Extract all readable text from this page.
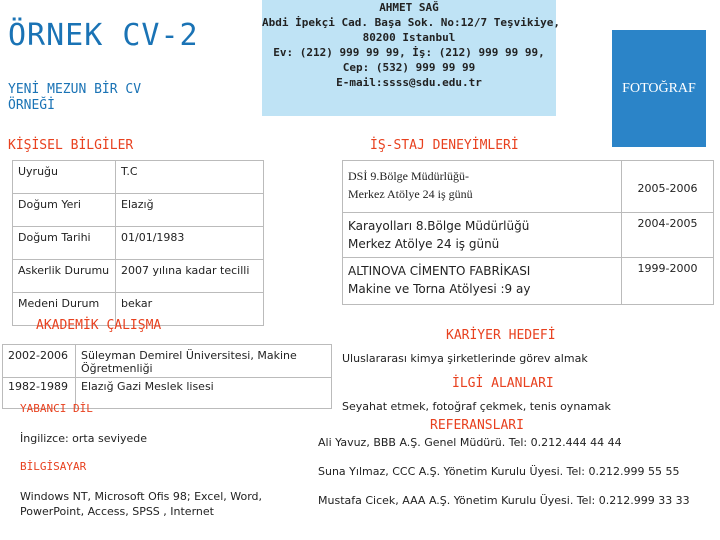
ÖRNEK CV-2
YENİ MEZUN BİR CV
ÖRNEĞİ
AHMET SAĞ
Abdi İpekçi Cad. Başa Sok. No:12/7 Teşvikiye,
80200 Istanbul
Ev: (212) 999 99 99, İş: (212) 999 99 99,
Cep: (532) 999 99 99
E-mail:ssss@sdu.edu.tr	FOTOĞRAF
KİŞİSEL BİLGİLER
Uyruğu	T.C
Doğum Yeri	Elazığ
Doğum Tarihi	01/01/1983
Askerlik Durumu	2007 yılına kadar tecilli
Medeni Durum	bekar
İŞ-STAJ DENEYİMLERİ
DSİ 9.Bölge Müdürlüğü-
Merkez Atölye 24 iş günü	2005-2006

Karayolları 8.Bölge Müdürlüğü
Merkez Atölye 24 iş günü	2004-2005

ALTINOVA CİMENTO FABRİKASI
Makine ve Torna Atölyesi :9 ay	1999-2000
AKADEMİK ÇALIŞMA
2002-2006	Süleyman Demirel Üniversitesi, Makine Öğretmenliği
1982-1989	Elazığ Gazi Meslek lisesi
YABANCI DİL
İngilizce: orta seviyede
BİLGİSAYAR
Windows NT, Microsoft Ofis 98; Excel, Word,
PowerPoint, Access, SPSS , Internet
KARİYER HEDEFİ
Uluslararası kimya şirketlerinde görev almak
İLGİ ALANLARI
Seyahat etmek, fotoğraf çekmek, tenis oynamak
REFERANSLARI
Ali Yavuz, BBB A.Ş. Genel Müdürü. Tel: 0.212.444 44 44
Suna Yılmaz, CCC A.Ş. Yönetim Kurulu Üyesi. Tel: 0.212.999 55 55
Mustafa Cicek, AAA A.Ş. Yönetim Kurulu Üyesi. Tel: 0.212.999 33 33
